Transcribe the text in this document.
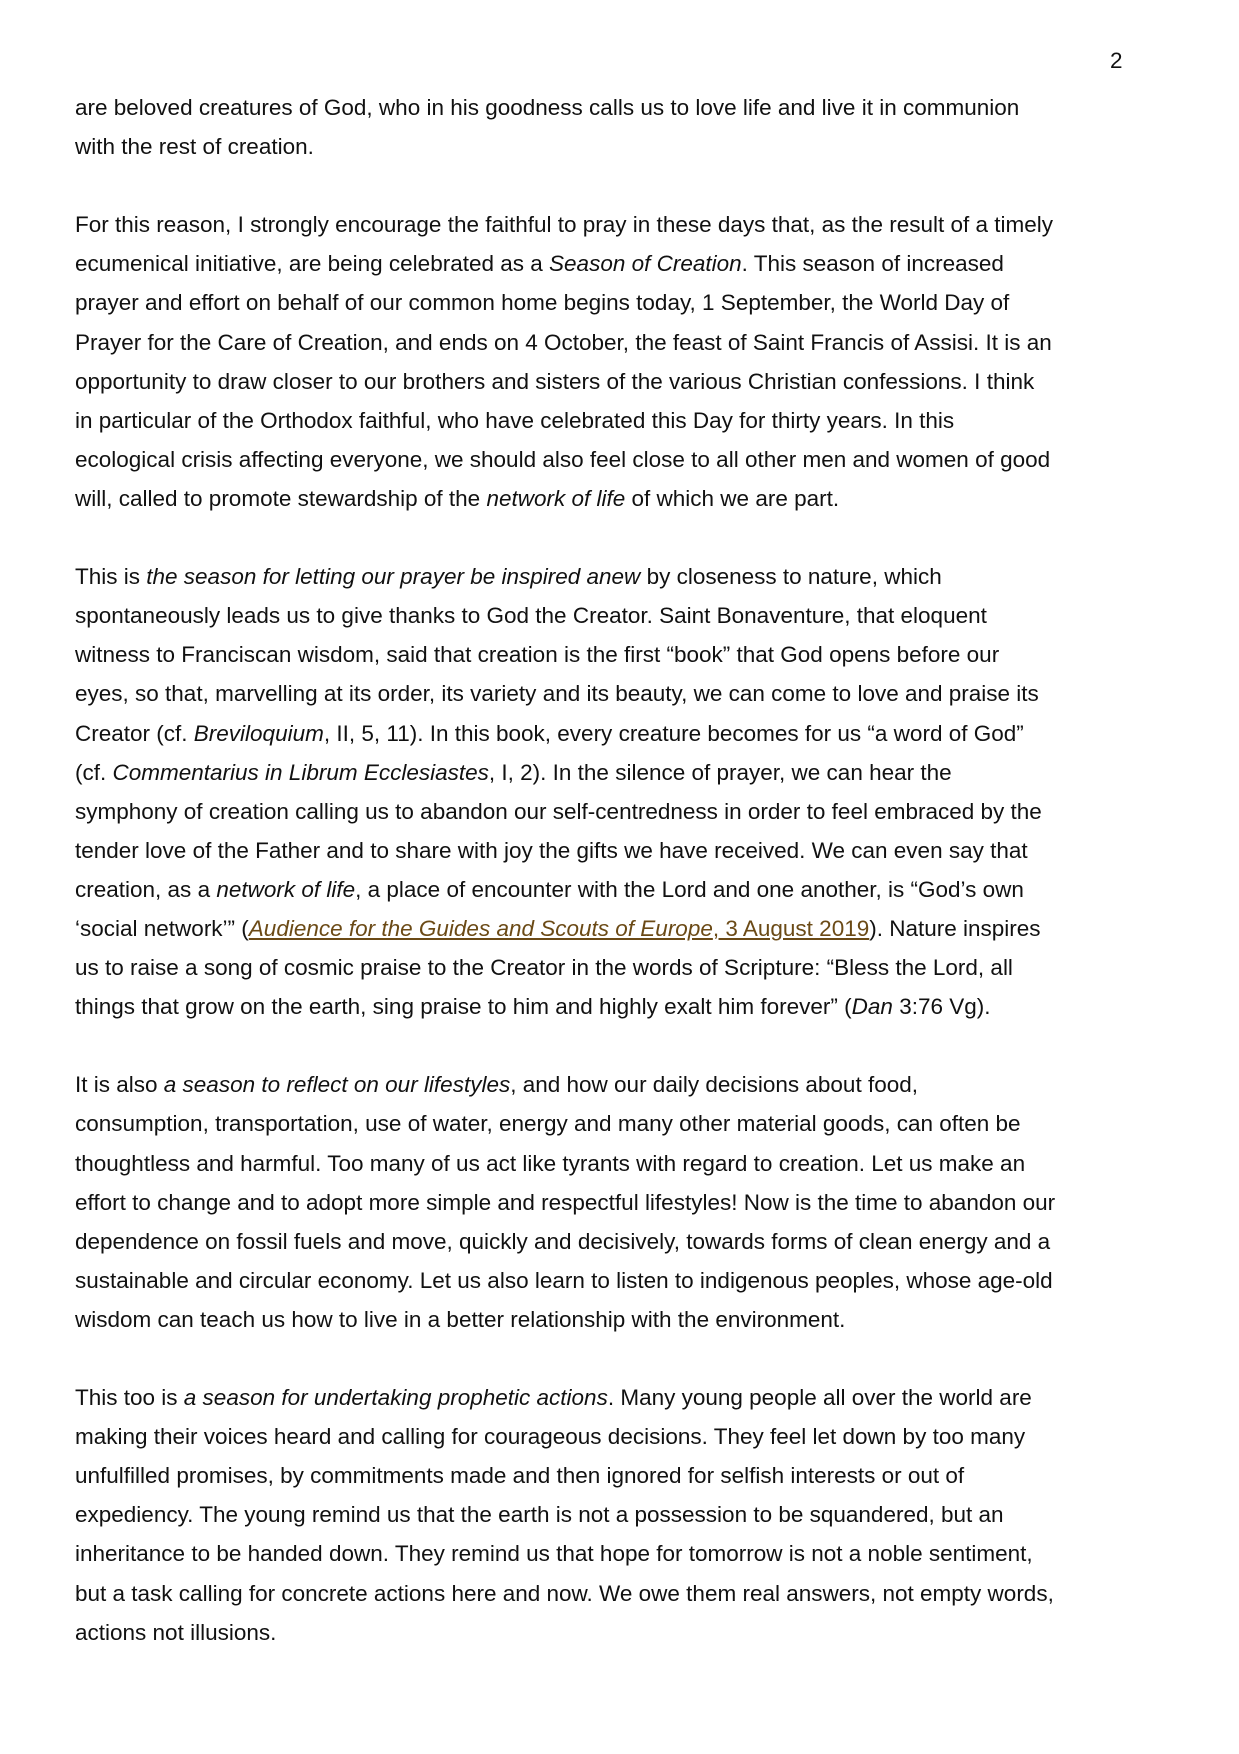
2

are beloved creatures of God, who in his goodness calls us to love life and live it in communion
with the rest of creation.

For this reason, I strongly encourage the faithful to pray in these days that, as the result of a timely
ecumenical initiative, are being celebrated as a Season of Creation. This season of increased
prayer and effort on behalf of our common home begins today, 1 September, the World Day of
Prayer for the Care of Creation, and ends on 4 October, the feast of Saint Francis of Assisi. It is an
opportunity to draw closer to our brothers and sisters of the various Christian confessions. I think
in particular of the Orthodox faithful, who have celebrated this Day for thirty years. In this
ecological crisis affecting everyone, we should also feel close to all other men and women of good
will, called to promote stewardship of the network of life of which we are part.

This is the season for letting our prayer be inspired anew by closeness to nature, which
spontaneously leads us to give thanks to God the Creator. Saint Bonaventure, that eloquent
witness to Franciscan wisdom, said that creation is the first “book” that God opens before our
eyes, so that, marvelling at its order, its variety and its beauty, we can come to love and praise its
Creator (cf. Breviloquium, II, 5, 11). In this book, every creature becomes for us “a word of God”
(cf. Commentarius in Librum Ecclesiastes, I, 2). In the silence of prayer, we can hear the
symphony of creation calling us to abandon our self-centredness in order to feel embraced by the
tender love of the Father and to share with joy the gifts we have received. We can even say that
creation, as a network of life, a place of encounter with the Lord and one another, is “God’s own
‘social network’” (Audience for the Guides and Scouts of Europe, 3 August 2019). Nature inspires
us to raise a song of cosmic praise to the Creator in the words of Scripture: “Bless the Lord, all
things that grow on the earth, sing praise to him and highly exalt him forever” (Dan 3:76 Vg).

It is also a season to reflect on our lifestyles, and how our daily decisions about food,
consumption, transportation, use of water, energy and many other material goods, can often be
thoughtless and harmful. Too many of us act like tyrants with regard to creation. Let us make an
effort to change and to adopt more simple and respectful lifestyles! Now is the time to abandon our
dependence on fossil fuels and move, quickly and decisively, towards forms of clean energy and a
sustainable and circular economy. Let us also learn to listen to indigenous peoples, whose age-old
wisdom can teach us how to live in a better relationship with the environment.

This too is a season for undertaking prophetic actions. Many young people all over the world are
making their voices heard and calling for courageous decisions. They feel let down by too many
unfulfilled promises, by commitments made and then ignored for selfish interests or out of
expediency. The young remind us that the earth is not a possession to be squandered, but an
inheritance to be handed down. They remind us that hope for tomorrow is not a noble sentiment,
but a task calling for concrete actions here and now. We owe them real answers, not empty words,
actions not illusions.
